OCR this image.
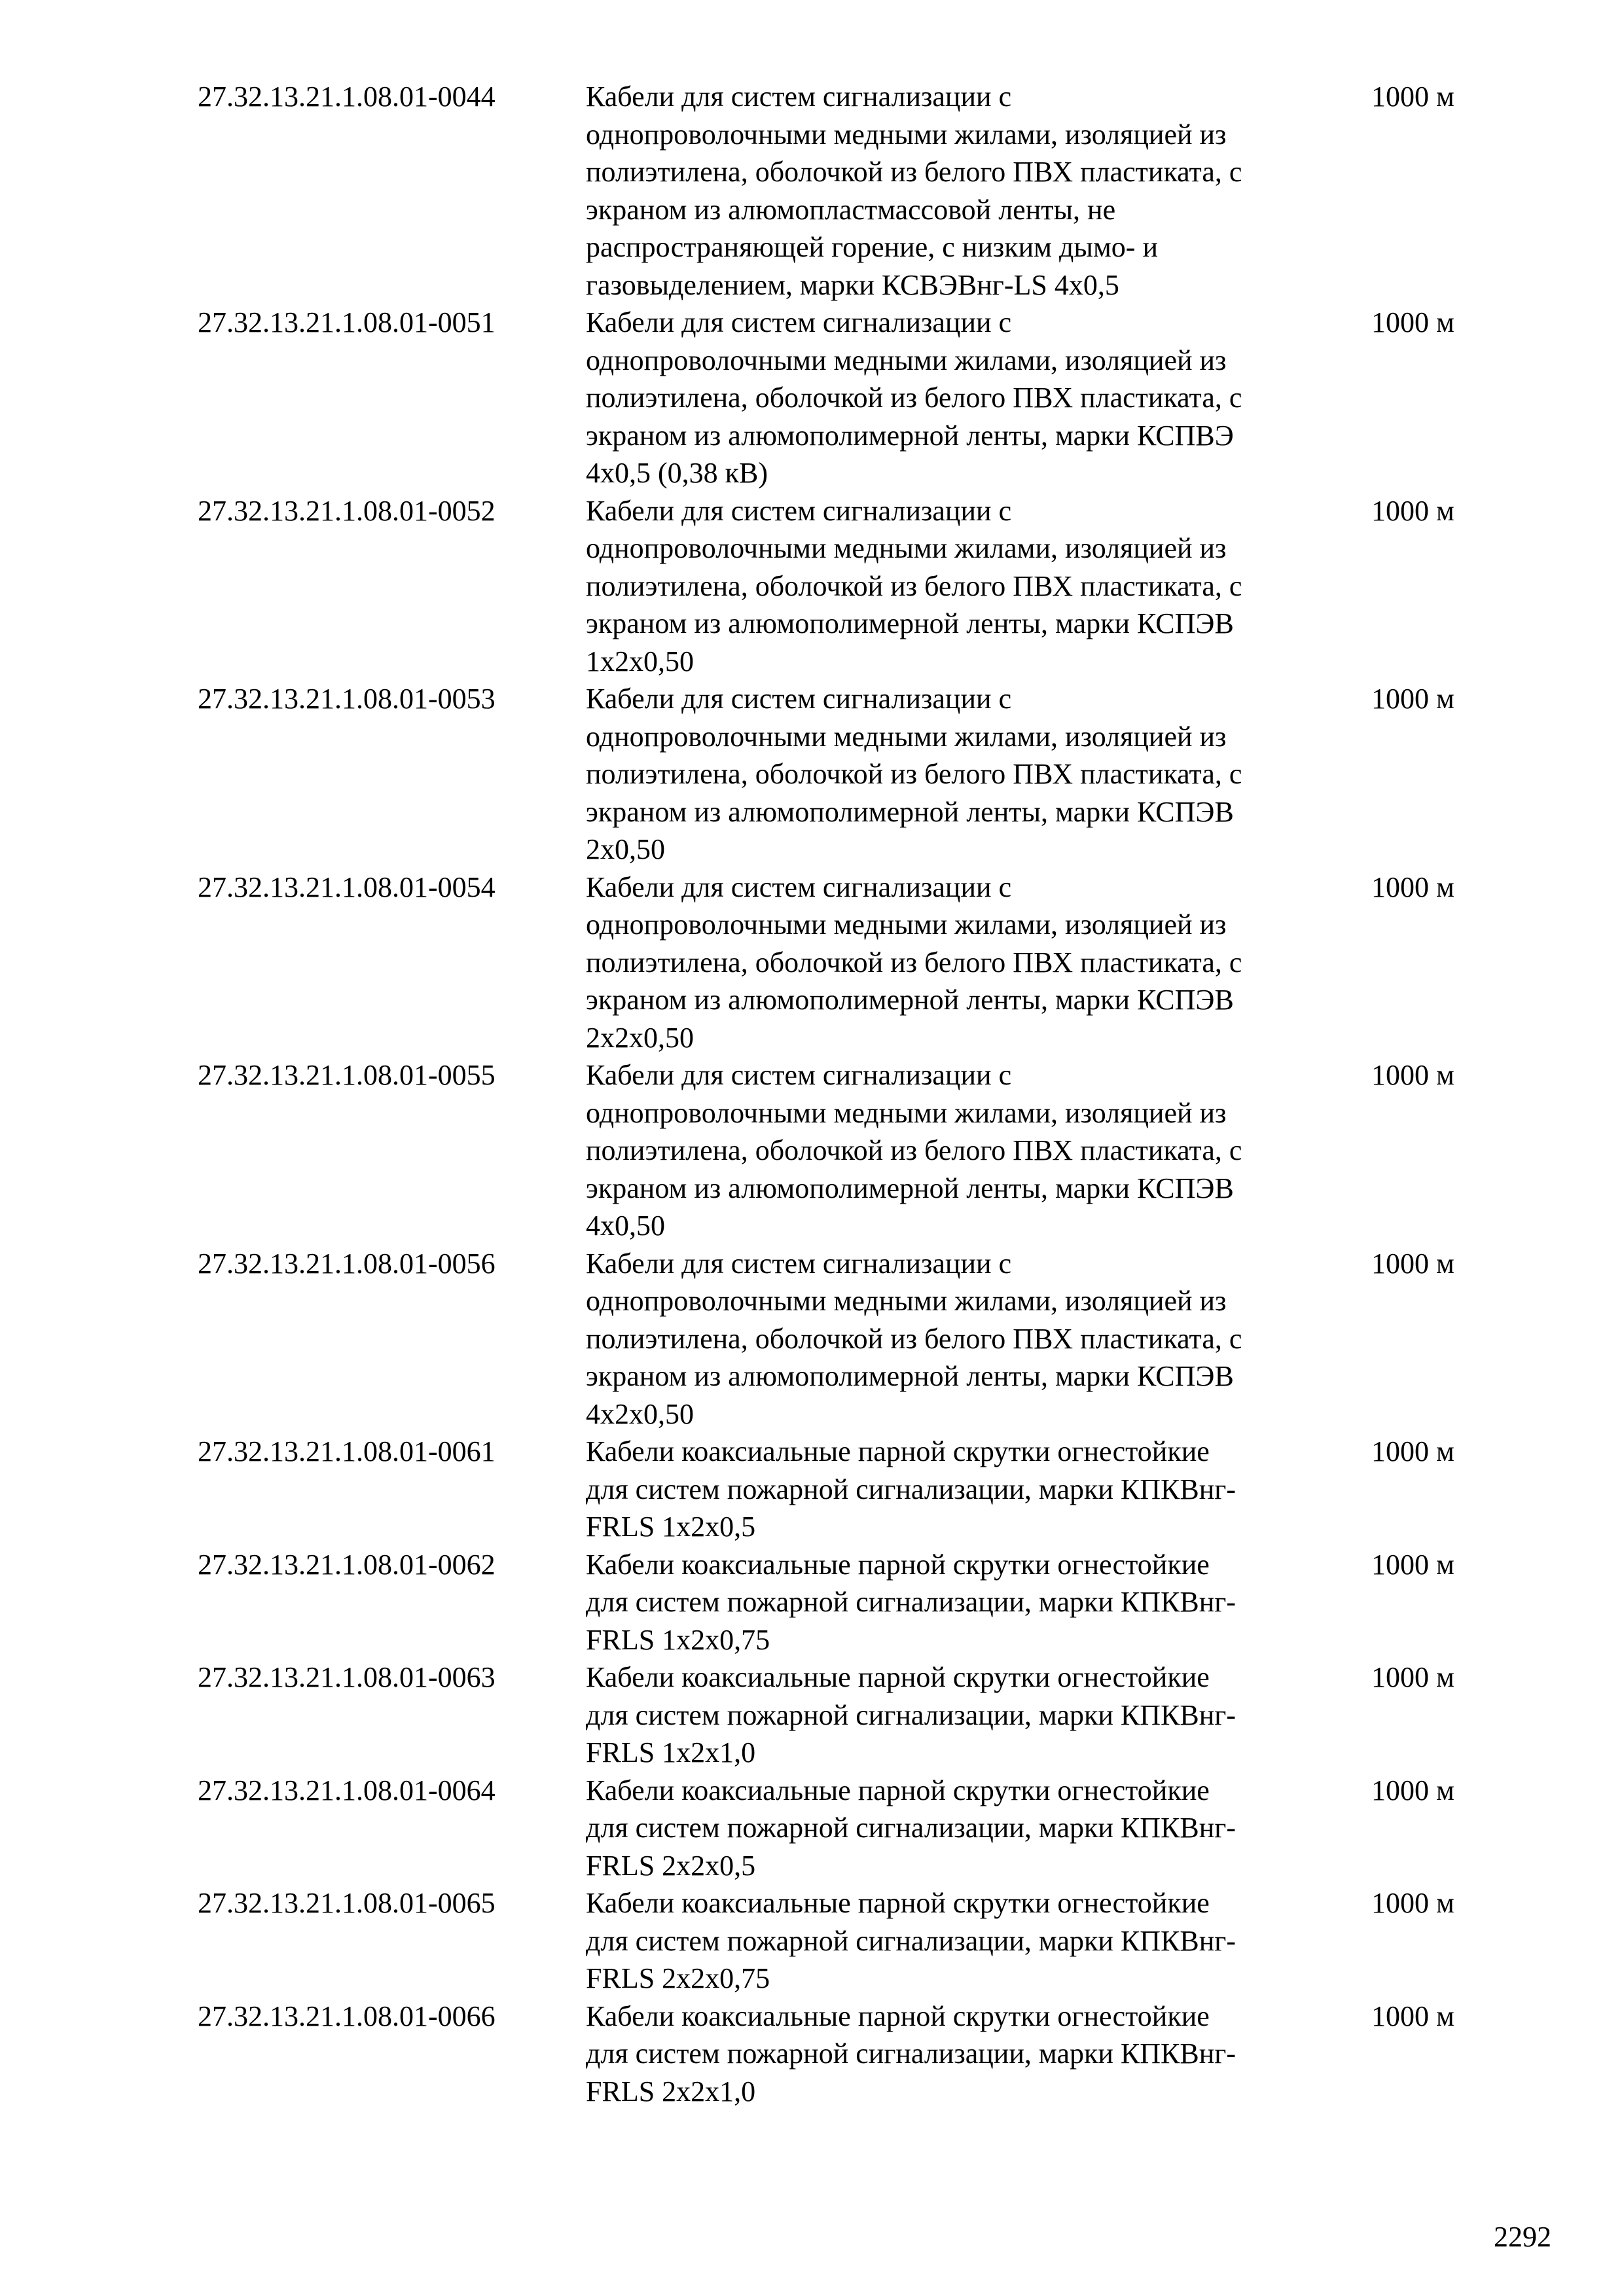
27.32.13.21.1.08.01-0044	Кабели для систем сигнализации с
однопроволочными медными жилами, изоляцией из
полиэтилена, оболочкой из белого ПВХ пластиката, с
экраном из алюмопластмассовой ленты, не
распространяющей горение, с низким дымо- и
газовыделением, марки КСВЭВнг-LS 4х0,5
1000 м
27.32.13.21.1.08.01-0051	Кабели для систем сигнализации с
однопроволочными медными жилами, изоляцией из
полиэтилена, оболочкой из белого ПВХ пластиката, с
экраном из алюмополимерной ленты, марки КСПВЭ
4х0,5 (0,38 кВ)
1000 м
27.32.13.21.1.08.01-0052	Кабели для систем сигнализации с
однопроволочными медными жилами, изоляцией из
полиэтилена, оболочкой из белого ПВХ пластиката, с
экраном из алюмополимерной ленты, марки КСПЭВ
1х2х0,50
1000 м
27.32.13.21.1.08.01-0053	Кабели для систем сигнализации с
однопроволочными медными жилами, изоляцией из
полиэтилена, оболочкой из белого ПВХ пластиката, с
экраном из алюмополимерной ленты, марки КСПЭВ
2х0,50
1000 м
27.32.13.21.1.08.01-0054	Кабели для систем сигнализации с
однопроволочными медными жилами, изоляцией из
полиэтилена, оболочкой из белого ПВХ пластиката, с
экраном из алюмополимерной ленты, марки КСПЭВ
2х2х0,50
1000 м
27.32.13.21.1.08.01-0055	Кабели для систем сигнализации с
однопроволочными медными жилами, изоляцией из
полиэтилена, оболочкой из белого ПВХ пластиката, с
экраном из алюмополимерной ленты, марки КСПЭВ
4х0,50
1000 м
27.32.13.21.1.08.01-0056	Кабели для систем сигнализации с
однопроволочными медными жилами, изоляцией из
полиэтилена, оболочкой из белого ПВХ пластиката, с
экраном из алюмополимерной ленты, марки КСПЭВ
4х2х0,50
1000 м
27.32.13.21.1.08.01-0061	Кабели коаксиальные парной скрутки огнестойкие
для систем пожарной сигнализации, марки КПКВнг-
FRLS 1х2х0,5
1000 м
27.32.13.21.1.08.01-0062	Кабели коаксиальные парной скрутки огнестойкие
для систем пожарной сигнализации, марки КПКВнг-
FRLS 1х2х0,75
1000 м
27.32.13.21.1.08.01-0063	Кабели коаксиальные парной скрутки огнестойкие
для систем пожарной сигнализации, марки КПКВнг-
FRLS 1х2х1,0
1000 м
27.32.13.21.1.08.01-0064	Кабели коаксиальные парной скрутки огнестойкие
для систем пожарной сигнализации, марки КПКВнг-
FRLS 2х2х0,5
1000 м
27.32.13.21.1.08.01-0065	Кабели коаксиальные парной скрутки огнестойкие
для систем пожарной сигнализации, марки КПКВнг-
FRLS 2х2х0,75
1000 м
27.32.13.21.1.08.01-0066	Кабели коаксиальные парной скрутки огнестойкие
для систем пожарной сигнализации, марки КПКВнг-
FRLS 2х2х1,0
1000 м
2292
